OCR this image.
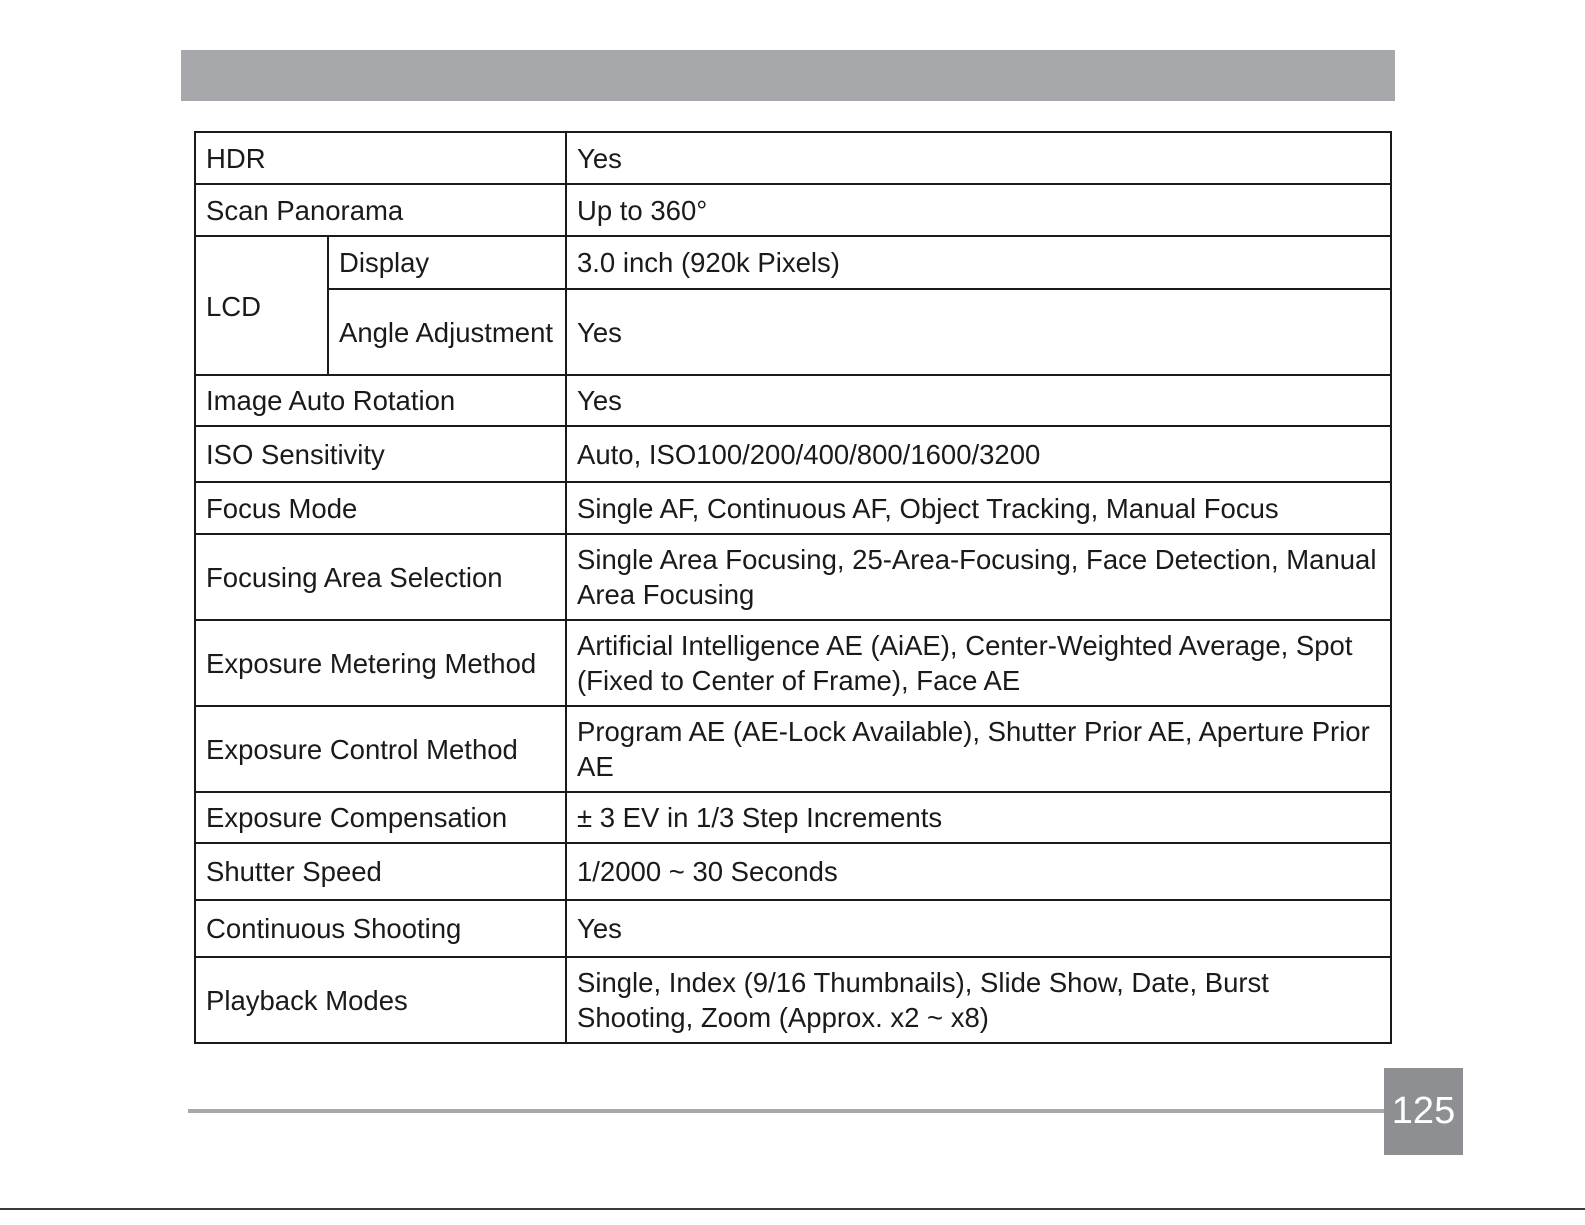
HDR		Yes
Scan Panorama		Up to 360°
LCD	Display	3.0 inch (920k Pixels)
	Angle Adjustment	Yes
Image Auto Rotation		Yes
ISO Sensitivity		Auto, ISO100/200/400/800/1600/3200
Focus Mode		Single AF, Continuous AF, Object Tracking, Manual Focus
Focusing Area Selection		Single Area Focusing, 25-Area-Focusing, Face Detection, Manual Area Focusing
Exposure Metering Method		Artificial Intelligence AE (AiAE), Center-Weighted Average, Spot (Fixed to Center of Frame), Face AE
Exposure Control Method		Program AE (AE-Lock Available), Shutter Prior AE, Aperture Prior AE
Exposure Compensation		± 3 EV in 1/3 Step Increments
Shutter Speed		1/2000 ~ 30 Seconds
Continuous Shooting		Yes
Playback Modes		Single, Index (9/16 Thumbnails), Slide Show, Date, Burst Shooting, Zoom (Approx. x2 ~ x8)
125
